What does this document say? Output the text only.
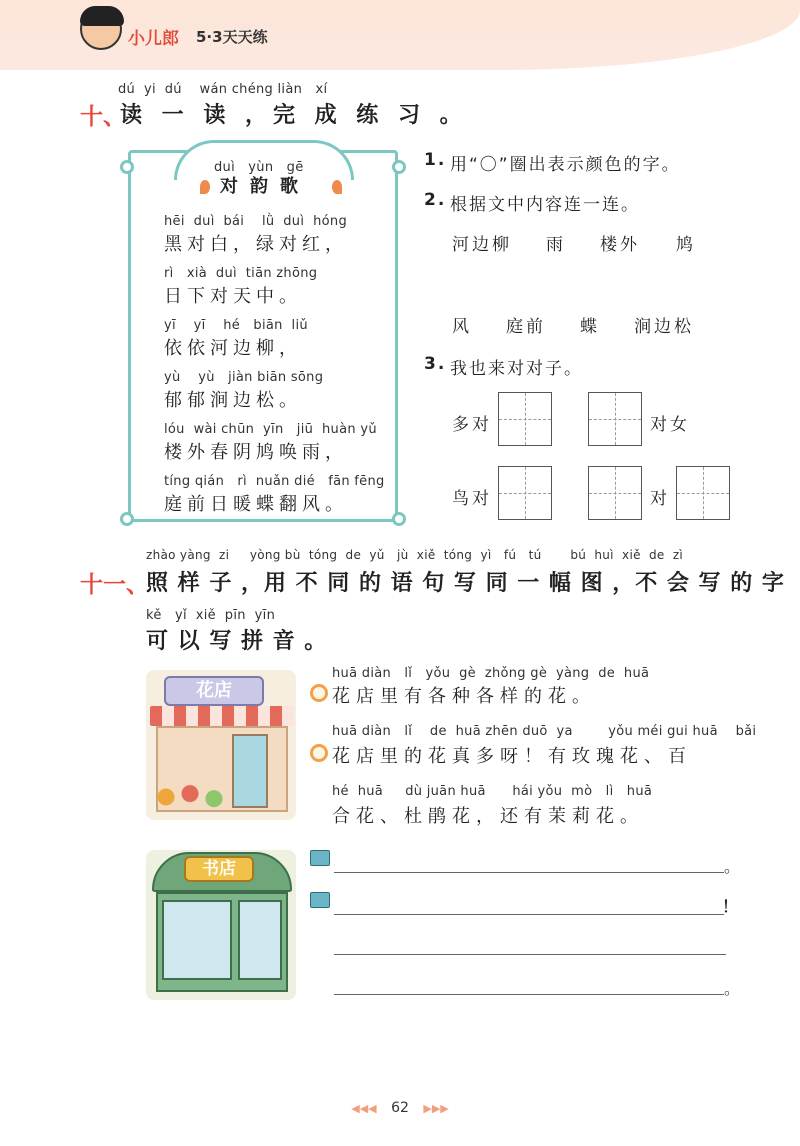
小儿郎 5·3天天练
dú  yi  dú    wán chéng liàn   xí
十、
读 一 读 ，完 成 练 习 。
duì   yùn   gē
对韵歌
hēi  duì  bái    lǜ  duì  hóng
黑对白，绿对红，
rì   xià  duì  tiān zhōng
日下对天中。
yī    yī    hé   biān  liǔ
依依河边柳，
yù    yù   jiàn biān sōng
郁郁涧边松。
lóu  wài chūn  yīn   jiū  huàn yǔ
楼外春阴鸠唤雨，
tíng qián   rì  nuǎn dié   fān fēng
庭前日暖蝶翻风。
1. 用“〇”圈出表示颜色的字。
2. 根据文中内容连一连。
河边柳 雨 楼外 鸠
风 庭前 蝶 涧边松
3. 我也来对对子。
多对	对女
鸟对	对
zhào yàng  zi     yòng bù  tóng  de  yǔ   jù  xiě  tóng  yì   fú   tú       bú  huì  xiě  de  zì
十一、
照 样 子 ，用 不 同 的 语 句 写 同 一 幅 图 ，不 会 写 的 字
kě   yǐ  xiě  pīn  yīn
可 以 写 拼 音 。
花店
huā diàn   lǐ   yǒu  gè  zhǒng gè  yàng  de  huā
花店里有各种各样的花。
huā diàn   lǐ    de  huā zhēn duō  ya        yǒu méi gui huā    bǎi
花店里的花真多呀！有玫瑰花、百
hé  huā     dù juān huā      hái yǒu  mò   lì   huā
合花、杜鹃花，还有茉莉花。
书店	。
！
。
◀◀◀ 62 ▶▶▶
